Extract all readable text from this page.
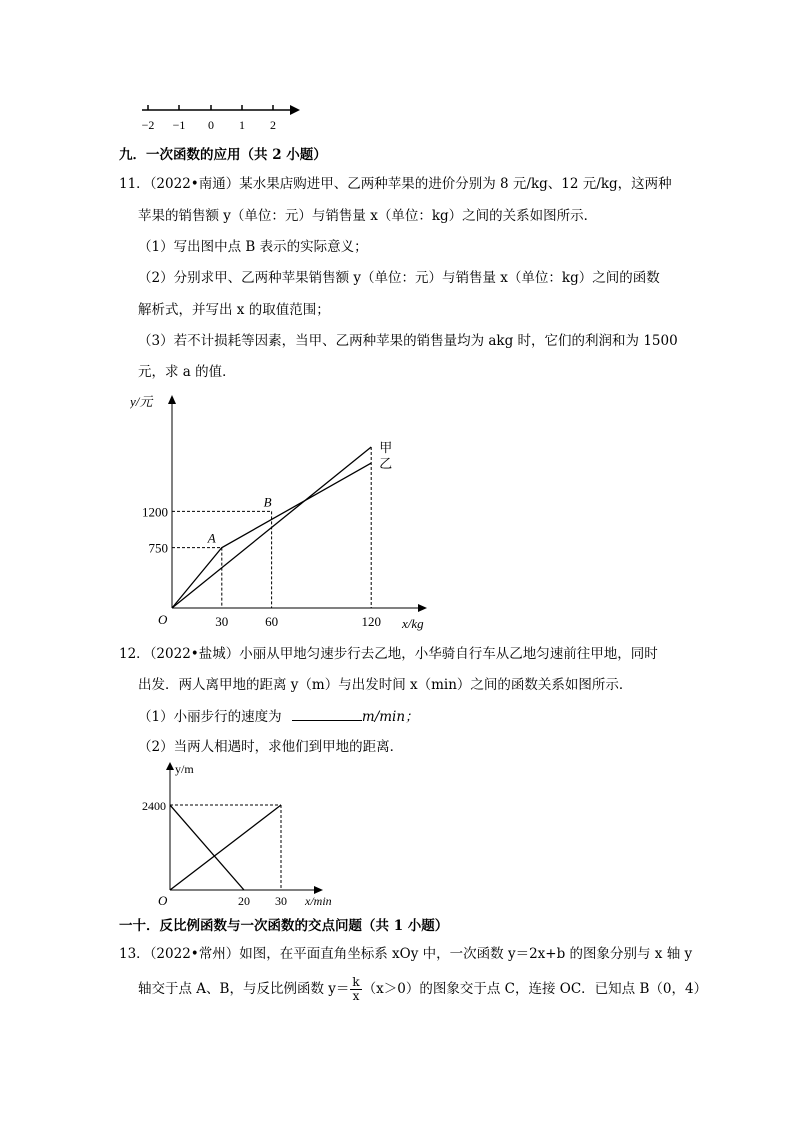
−2 −1 0 1 2
九．一次函数的应用（共 2 小题）
11．（2022•南通）某水果店购进甲、乙两种苹果的进价分别为 8 元/kg、12 元/kg，这两种
苹果的销售额 y（单位：元）与销售量 x（单位：kg）之间的关系如图所示．
（1）写出图中点 B 表示的实际意义；
（2）分别求甲、乙两种苹果销售额 y（单位：元）与销售量 x（单位：kg）之间的函数
解析式，并写出 x 的取值范围；
（3）若不计损耗等因素，当甲、乙两种苹果的销售量均为 akg 时，它们的利润和为 1500
元，求 a 的值．
甲
乙
30	60	120
750
1200
A
B
O	x/kg
y/元
12．（2022•盐城）小丽从甲地匀速步行去乙地，小华骑自行车从乙地匀速前往甲地，同时
出发．两人离甲地的距离 y（m）与出发时间 x（min）之间的函数关系如图所示．
（1）小丽步行的速度为	m/min；
（2）当两人相遇时，求他们到甲地的距离．
20 30
2400
O	x/min
y/m
一十．反比例函数与一次函数的交点问题（共 1 小题）
13．（2022•常州）如图，在平面直角坐标系 xOy 中，一次函数 y＝2x+b 的图象分别与 x 轴 y
轴交于点 A、B，与反比例函数 $y= \frac{k}{x} (x>0)$的图象交于点 C，连接 OC．已知点 B（0，4）
